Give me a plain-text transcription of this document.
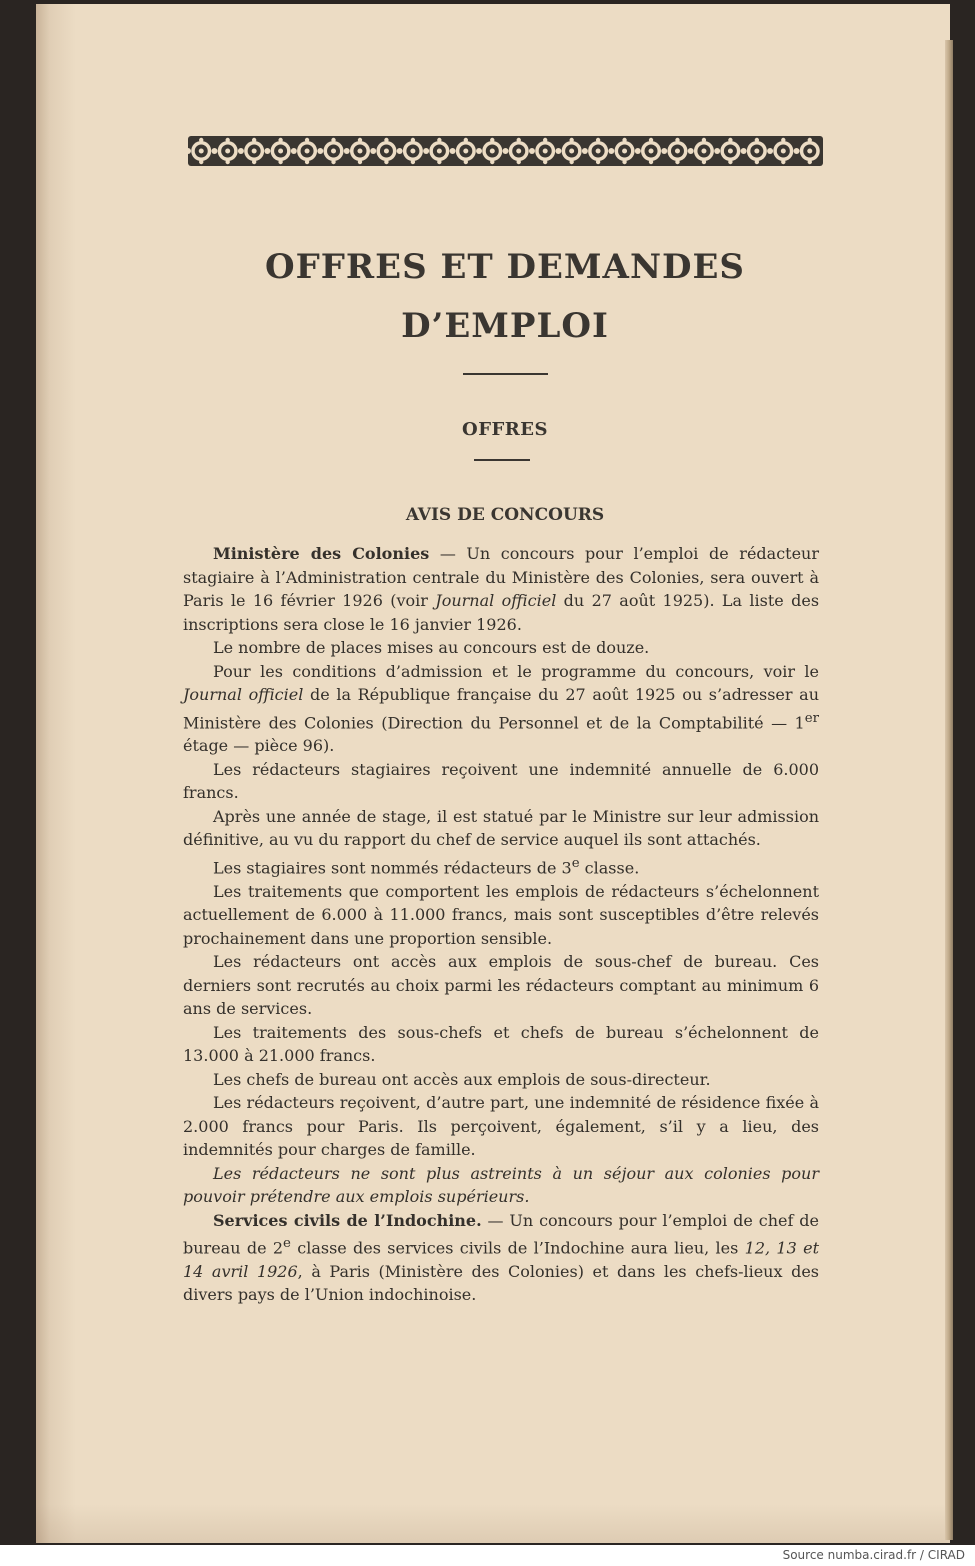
OFFRES ET DEMANDES
D’EMPLOI
OFFRES
AVIS DE CONCOURS

Ministère des Colonies — Un concours pour l’emploi de rédacteur stagiaire à l’Administration centrale du Ministère des Colonies, sera ouvert à Paris le 16 février 1926 (voir Journal officiel du 27 août 1925). La liste des inscriptions sera close le 16 janvier 1926.

Le nombre de places mises au concours est de douze.

Pour les conditions d’admission et le programme du concours, voir le Journal officiel de la République française du 27 août 1925 ou s’adresser au Ministère des Colonies (Direction du Personnel et de la Comptabilité — 1er étage — pièce 96).

Les rédacteurs stagiaires reçoivent une indemnité annuelle de 6.000 francs.

Après une année de stage, il est statué par le Ministre sur leur admission définitive, au vu du rapport du chef de service auquel ils sont attachés.

Les stagiaires sont nommés rédacteurs de 3e classe.

Les traitements que comportent les emplois de rédacteurs s’échelonnent actuellement de 6.000 à 11.000 francs, mais sont susceptibles d’être relevés prochainement dans une proportion sensible.

Les rédacteurs ont accès aux emplois de sous-chef de bureau. Ces derniers sont recrutés au choix parmi les rédacteurs comptant au minimum 6 ans de services.

Les traitements des sous-chefs et chefs de bureau s’échelonnent de 13.000 à 21.000 francs.

Les chefs de bureau ont accès aux emplois de sous-directeur.

Les rédacteurs reçoivent, d’autre part, une indemnité de résidence fixée à 2.000 francs pour Paris. Ils perçoivent, également, s’il y a lieu, des indemnités pour charges de famille.

Les rédacteurs ne sont plus astreints à un séjour aux colonies pour pouvoir prétendre aux emplois supérieurs.

Services civils de l’Indochine. — Un concours pour l’emploi de chef de bureau de 2e classe des services civils de l’Indochine aura lieu, les 12, 13 et 14 avril 1926, à Paris (Ministère des Colonies) et dans les chefs-lieux des divers pays de l’Union indochinoise.

Source numba.cirad.fr / CIRAD
